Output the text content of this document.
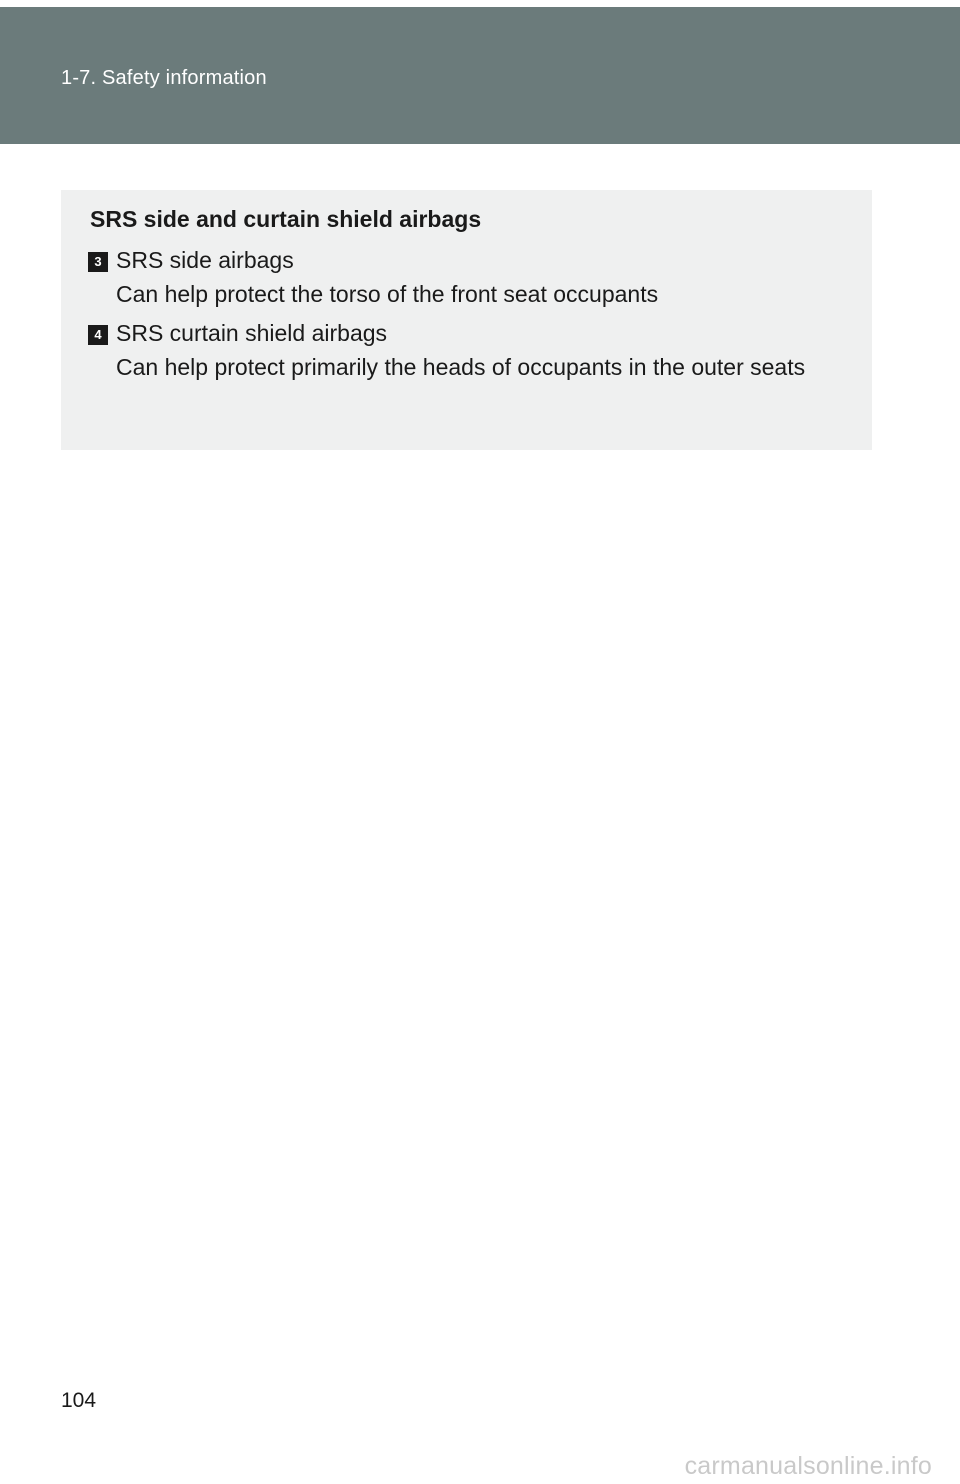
1-7. Safety information
SRS side and curtain shield airbags
3 SRS side airbags
Can help protect the torso of the front seat occupants
4 SRS curtain shield airbags
Can help protect primarily the heads of occupants in the outer seats
104
carmanualsonline.info
